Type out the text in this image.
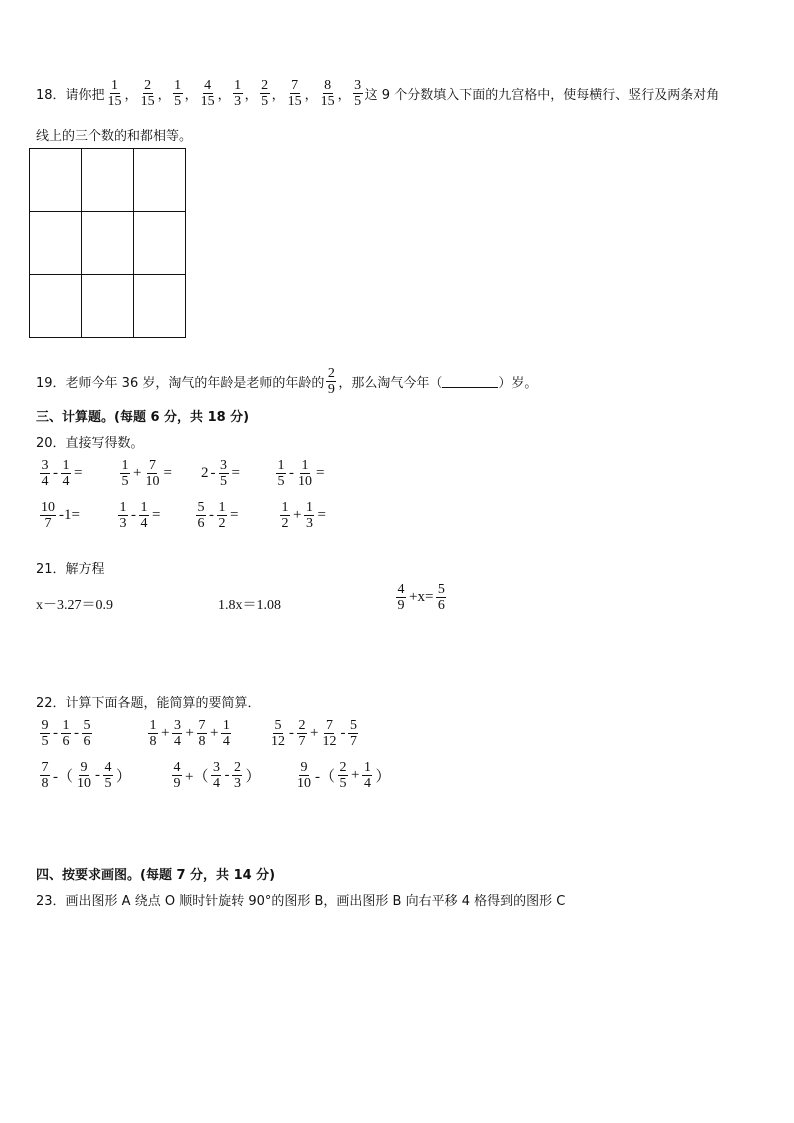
18．请你把 $\frac{1}{15}$ ， $\frac{2}{15}$ ， $\frac{1}{5}$ ， $\frac{4}{15}$ ， $\frac{1}{3}$ ， $\frac{2}{5}$ ， $\frac{7}{15}$ ， $\frac{8}{15}$ ， $\frac{3}{5}$ 这 9 个分数填入下面的九宫格中，使每横行、竖行及两条对角
线上的三个数的和都相等。

19．老师今年 36 岁，淘气的年龄是老师的年龄的 $\frac{2}{9}$ ，那么淘气今年（	）岁。
三、计算题。(每题 6 分，共 18 分)
20．直接写得数。
$\frac{3}{4} - \frac{1}{4}$ =	$\frac{1}{5} + \frac{7}{10} = 2 - \frac{3}{5}$ =	$\frac{1}{5} - \frac{1}{10}$ =
$\frac{10}{7} -1=$	$\frac{1}{3} - \frac{1}{4}$ =	$\frac{5}{6} - \frac{1}{2}$ =	$\frac{1}{2} + \frac{1}{3}$ =
21．解方程
x－3.27＝0.9	1.8x＝1.08	$\frac{4}{9} +x= \frac{5}{6}$
22．计算下面各题，能简算的要简算．
$\frac{9}{5} - \frac{1}{6} - \frac{5}{6}$	$\frac{1}{8} + \frac{3}{4} + \frac{7}{8} + \frac{1}{4}$	$\frac{5}{12} - \frac{2}{7} + \frac{7}{12} - \frac{5}{7}$
$\frac{7}{8}$ -（ $\frac{9}{10} - \frac{4}{5}$ ）	$\frac{4}{9}$ +（ $\frac{3}{4} - \frac{2}{3}$ ）	$\frac{9}{10}$ -（ $\frac{2}{5} + \frac{1}{4}$ ）
四、按要求画图。(每题 7 分，共 14 分)
23．画出图形 A 绕点 O 顺时针旋转 90°的图形 B，画出图形 B 向右平移 4 格得到的图形 C
